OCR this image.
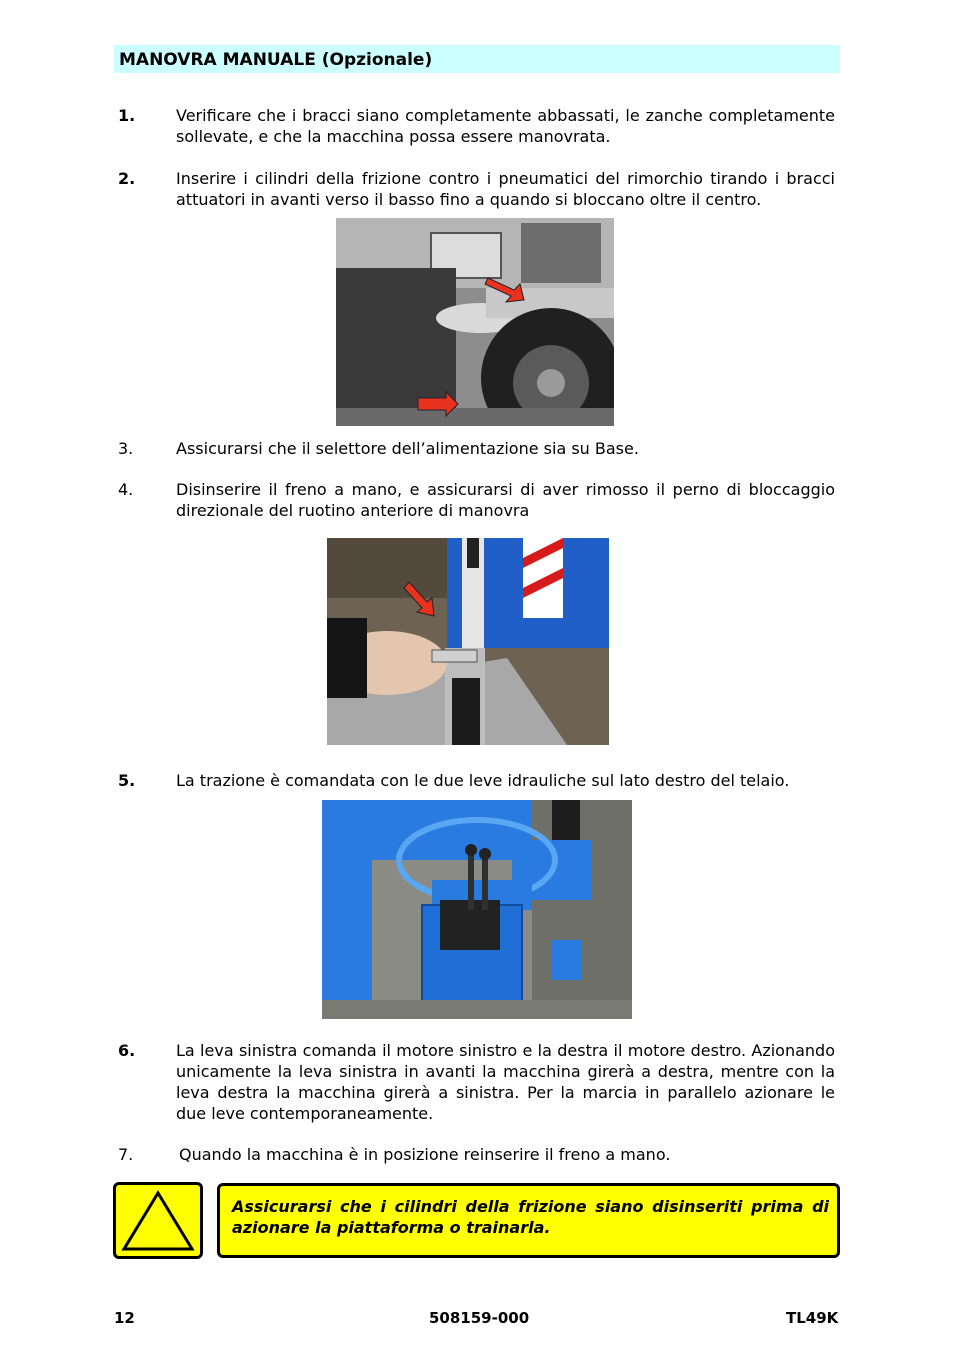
MANOVRA MANUALE (Opzionale)
1.	Verificare che i bracci siano completamente abbassati, le zanche completamente sollevate, e che la macchina possa essere manovrata.
2.	Inserire i cilindri della frizione contro i pneumatici del rimorchio tirando i bracci attuatori in avanti verso il basso fino a quando si bloccano oltre il centro.
3.	Assicurarsi che il selettore dell’alimentazione sia su Base.
4.	Disinserire il freno a mano, e assicurarsi di aver rimosso il perno di bloccaggio direzionale del ruotino anteriore di manovra
5.	La trazione è comandata con le due leve idrauliche sul lato destro del telaio.
6.	La leva sinistra comanda il motore sinistro e la destra il motore destro. Azionando unicamente la leva sinistra in avanti la macchina girerà a destra, mentre con la leva destra la macchina girerà a sinistra. Per la marcia in parallelo azionare le due leve contemporaneamente.
7.	Quando la macchina è in posizione reinserire il freno a mano.
Assicurarsi che i cilindri della frizione siano disinseriti prima di azionare la piattaforma o trainarla.
12	508159-000	TL49K
